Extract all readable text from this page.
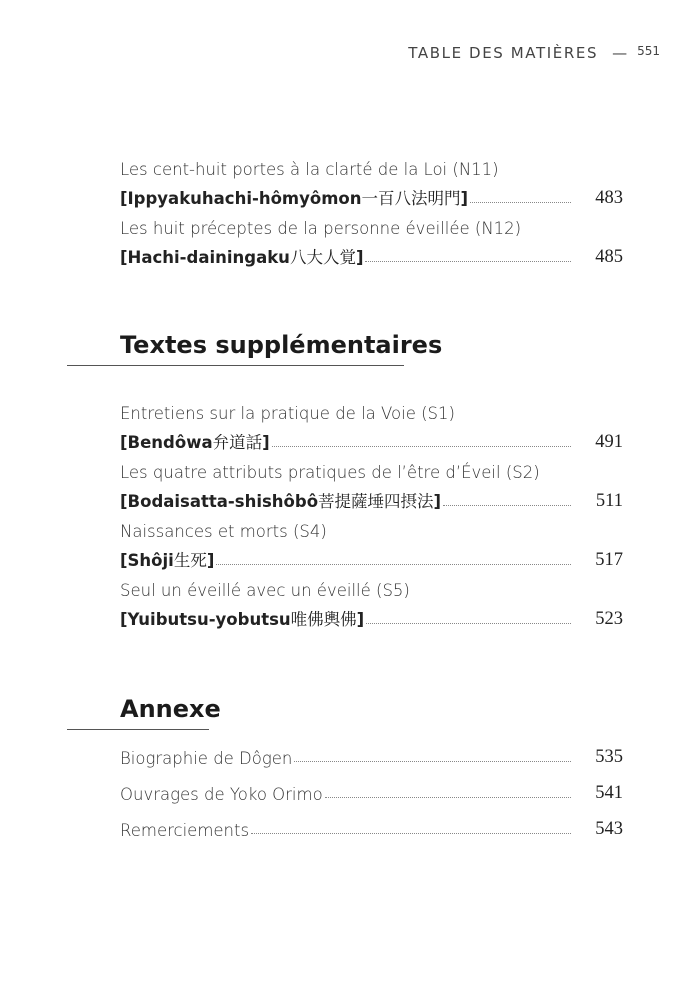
TABLE DES MATIÈRES — $^{551}$
Les cent-huit portes à la clarté de la Loi (N11)
[Ippyakuhachi-hômyômon一百八法明門]	483
Les huit préceptes de la personne éveillée (N12)
[Hachi-dainingaku八大人覚]	485
Textes supplémentaires
Entretiens sur la pratique de la Voie (S1)
[Bendôwa弁道話]	491
Les quatre attributs pratiques de l’être d’Éveil (S2)
[Bodaisatta-shishôbô菩提薩埵四摂法]	511
Naissances et morts (S4)
[Shôji生死]	517
Seul un éveillé avec un éveillé (S5)
[Yuibutsu-yobutsu唯佛輿佛]	523
Annexe
Biographie de Dôgen	535
Ouvrages de Yoko Orimo	541
Remerciements	543
